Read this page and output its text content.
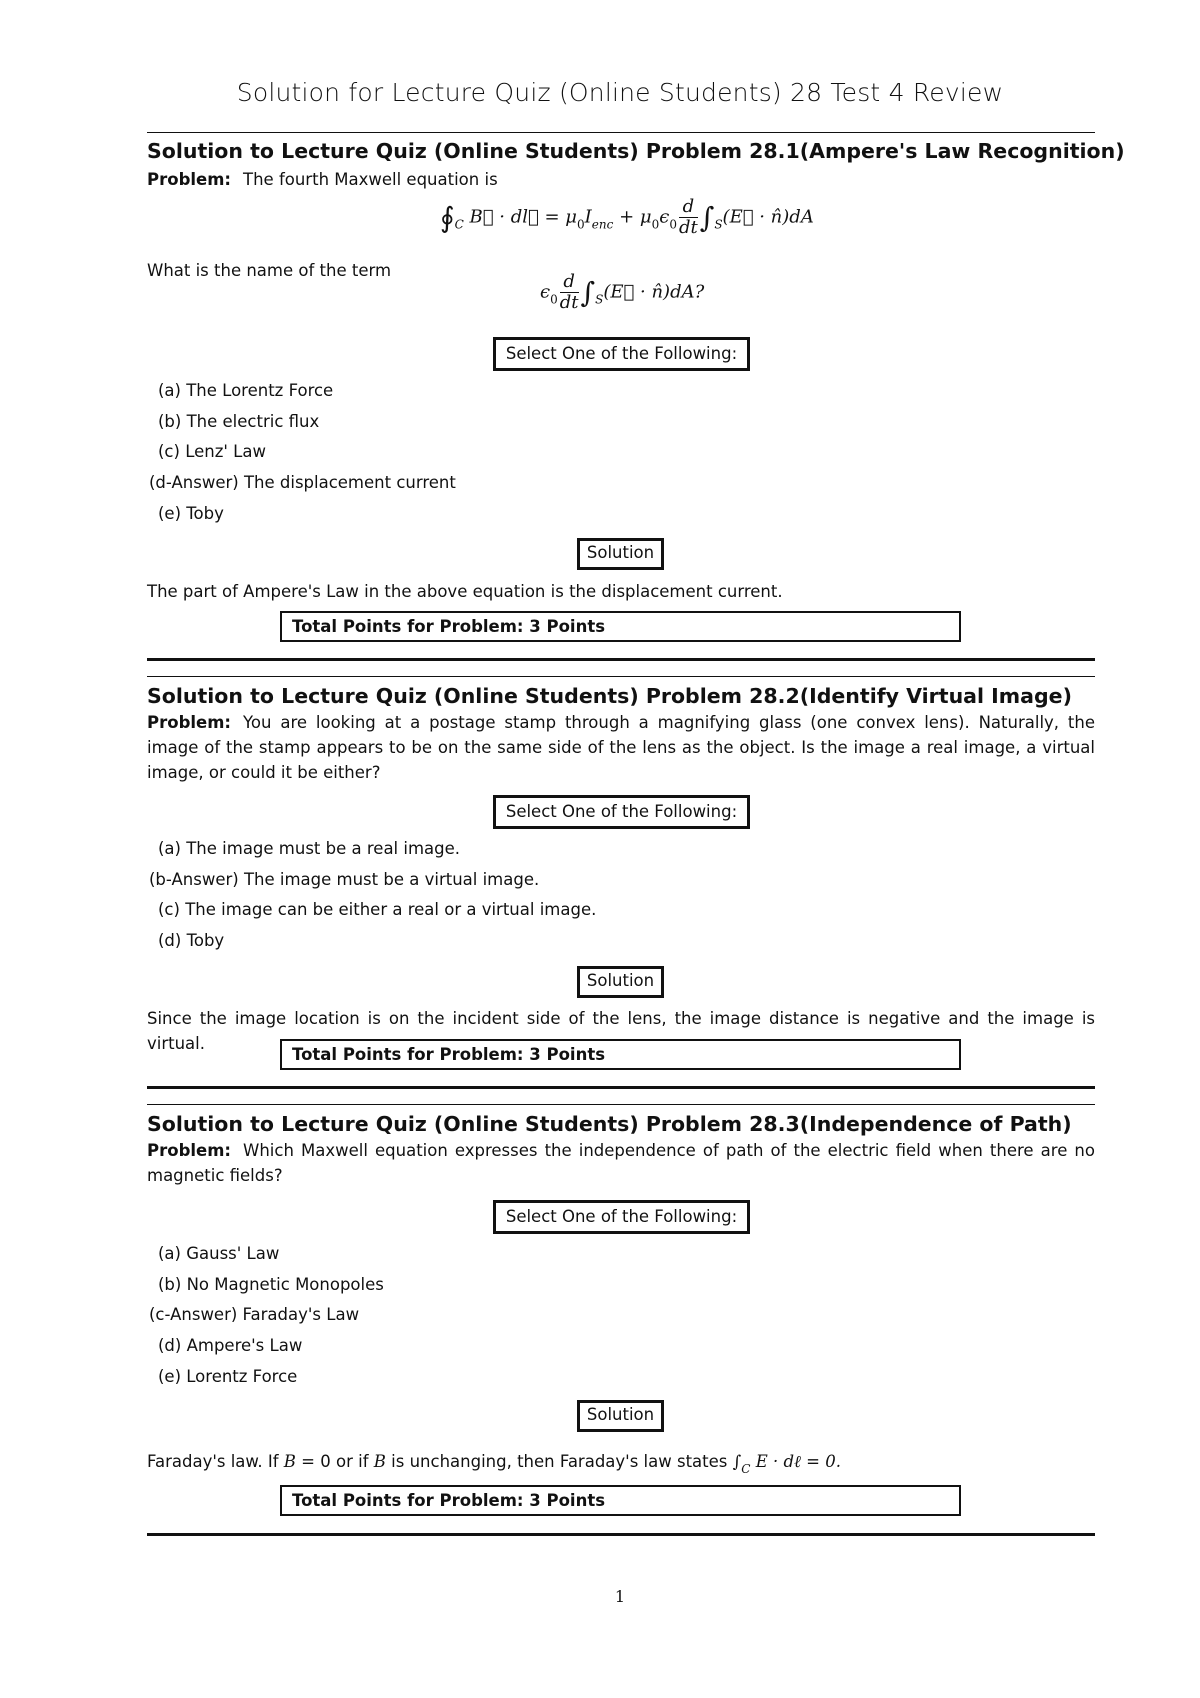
Solution for Lecture Quiz (Online Students) 28 Test 4 Review
Solution to Lecture Quiz (Online Students) Problem 28.1(Ampere's Law Recognition)
Problem: The fourth Maxwell equation is
$∮_C$ B⃗ · dl⃗ = $\mu_0I_{enc} + \mu_0\epsilon_0 \frac{d}{dt}$ $\int_S(E⃗$ · n̂)dA
What is the name of the term
$\epsilon_0 \frac{d}{dt}$ $\int_S(E⃗$ · n̂)dA?
Select One of the Following:
(a) The Lorentz Force
(b) The electric flux
(c) Lenz' Law
(d-Answer) The displacement current
(e) Toby
Solution
The part of Ampere's Law in the above equation is the displacement current.
Total Points for Problem: 3 Points
Solution to Lecture Quiz (Online Students) Problem 28.2(Identify Virtual Image)
Problem: You are looking at a postage stamp through a magnifying glass (one convex lens). Naturally, the image of the stamp appears to be on the same side of the lens as the object. Is the image a real image, a virtual image, or could it be either?
Select One of the Following:
(a) The image must be a real image.
(b-Answer) The image must be a virtual image.
(c) The image can be either a real or a virtual image.
(d) Toby
Solution
Since the image location is on the incident side of the lens, the image distance is negative and the image is virtual.
Total Points for Problem: 3 Points
Solution to Lecture Quiz (Online Students) Problem 28.3(Independence of Path)
Problem: Which Maxwell equation expresses the independence of path of the electric field when there are no magnetic fields?
Select One of the Following:
(a) Gauss' Law
(b) No Magnetic Monopoles
(c-Answer) Faraday's Law
(d) Ampere's Law
(e) Lorentz Force
Solution
Faraday's law. If B = 0 or if B is unchanging, then Faraday's law states $\int_C$ E · dℓ = 0.
Total Points for Problem: 3 Points
1
